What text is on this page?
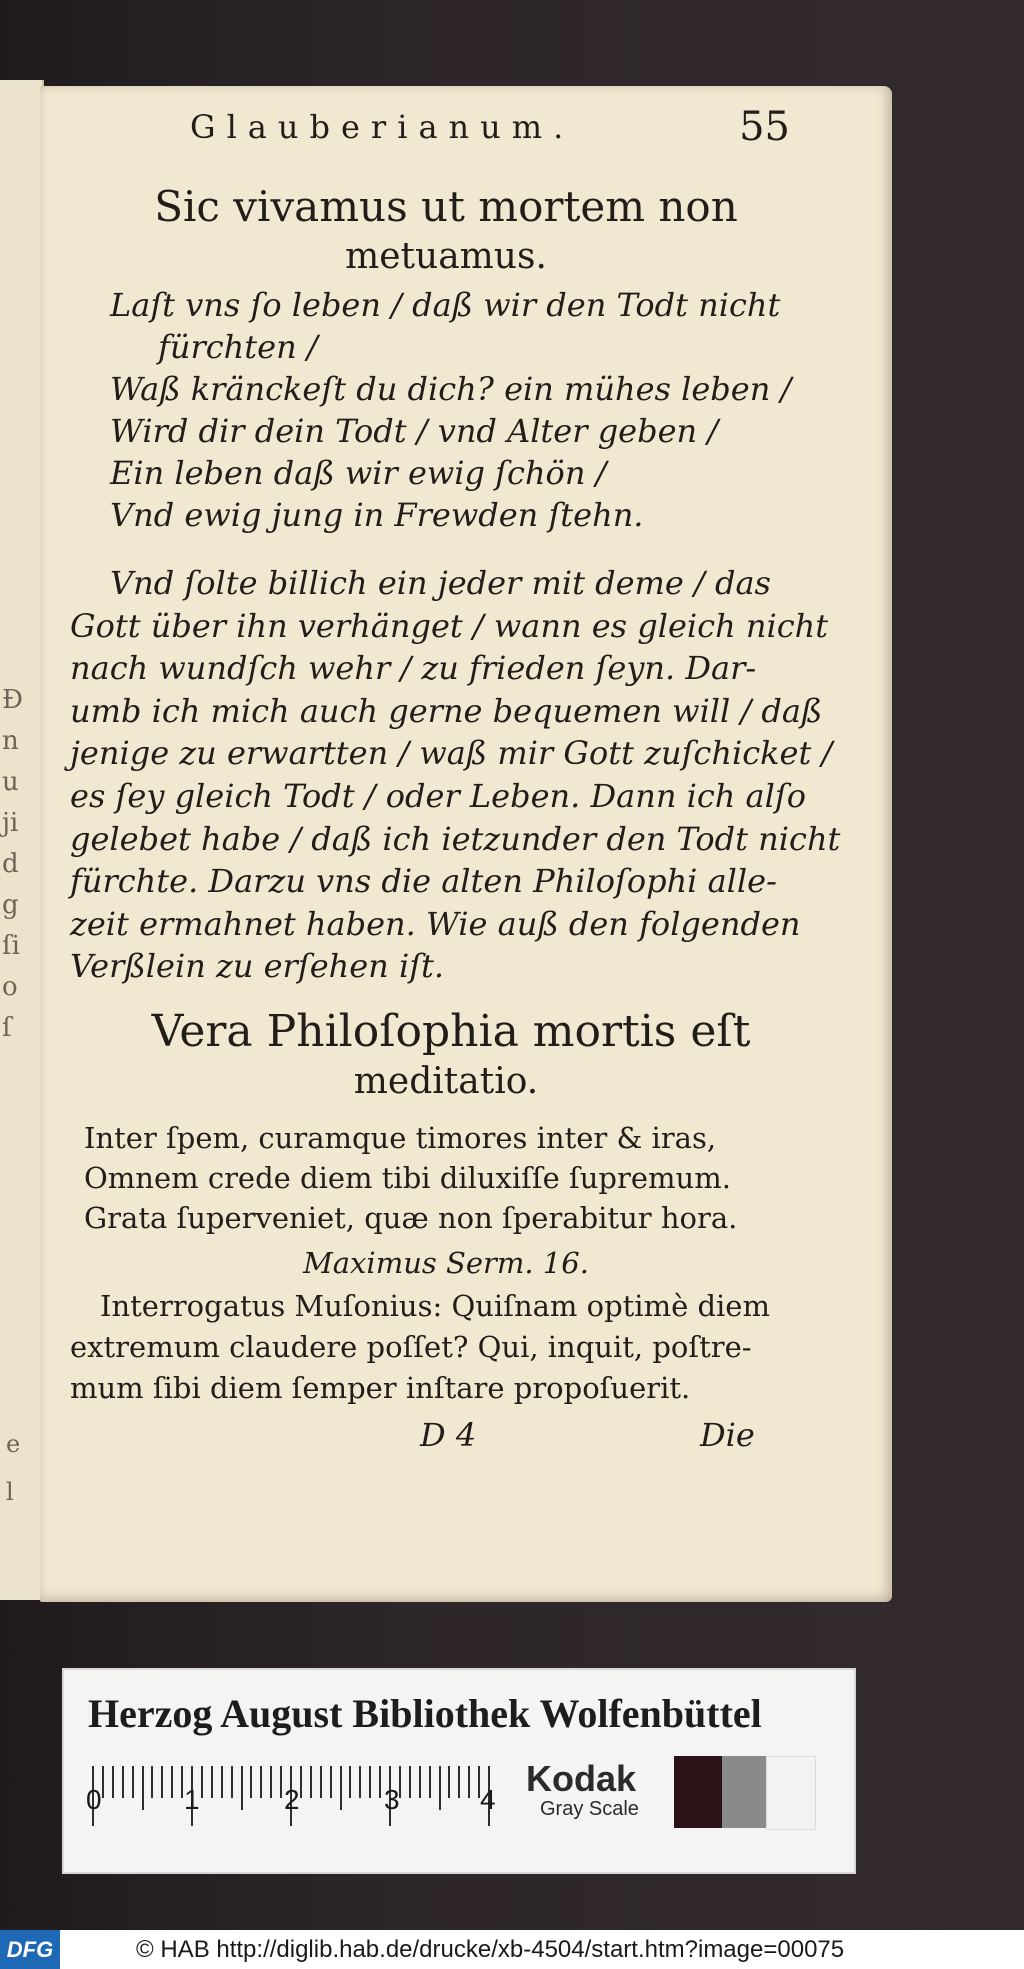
Ð
n
u
ji
d
g
ſi
o
ſ
e
l
Glauberianum.	55
Sic vivamus ut mortem non
metuamus.
Laſt vns ſo leben / daß wir den Todt nicht
fürchten /
Waß kränckeſt du dich? ein mühes leben /
Wird dir dein Todt / vnd Alter geben /
Ein leben daß wir ewig ſchön /
Vnd ewig jung in Frewden ſtehn.
Vnd ſolte billich ein jeder mit deme / das
Gott über ihn verhänget / wann es gleich nicht
nach wundſch wehr / zu frieden ſeyn. Dar-
umb ich mich auch gerne bequemen will / daß
jenige zu erwartten / waß mir Gott zuſchicket /
es ſey gleich Todt / oder Leben. Dann ich alſo
gelebet habe / daß ich ietzunder den Todt nicht
fürchte. Darzu vns die alten Philoſophi alle-
zeit ermahnet haben. Wie auß den folgenden
Verßlein zu erſehen iſt.
Vera Philoſophia mortis eſt
meditatio.
Inter ſpem, curamque timores inter & iras,
Omnem crede diem tibi diluxiſſe ſupremum.
Grata ſuperveniet, quæ non ſperabitur hora.
Maximus Serm. 16.
Interrogatus Muſonius: Quiſnam optimè diem
extremum claudere poſſet? Qui, inquit, poſtre-
mum ſibi diem ſemper inſtare propoſuerit.
D 4	Die
Herzog August Bibliothek Wolfenbüttel
0	1	2	3	4
Kodak
Gray Scale
DFG	© HAB http://diglib.hab.de/drucke/xb-4504/start.htm?image=00075
